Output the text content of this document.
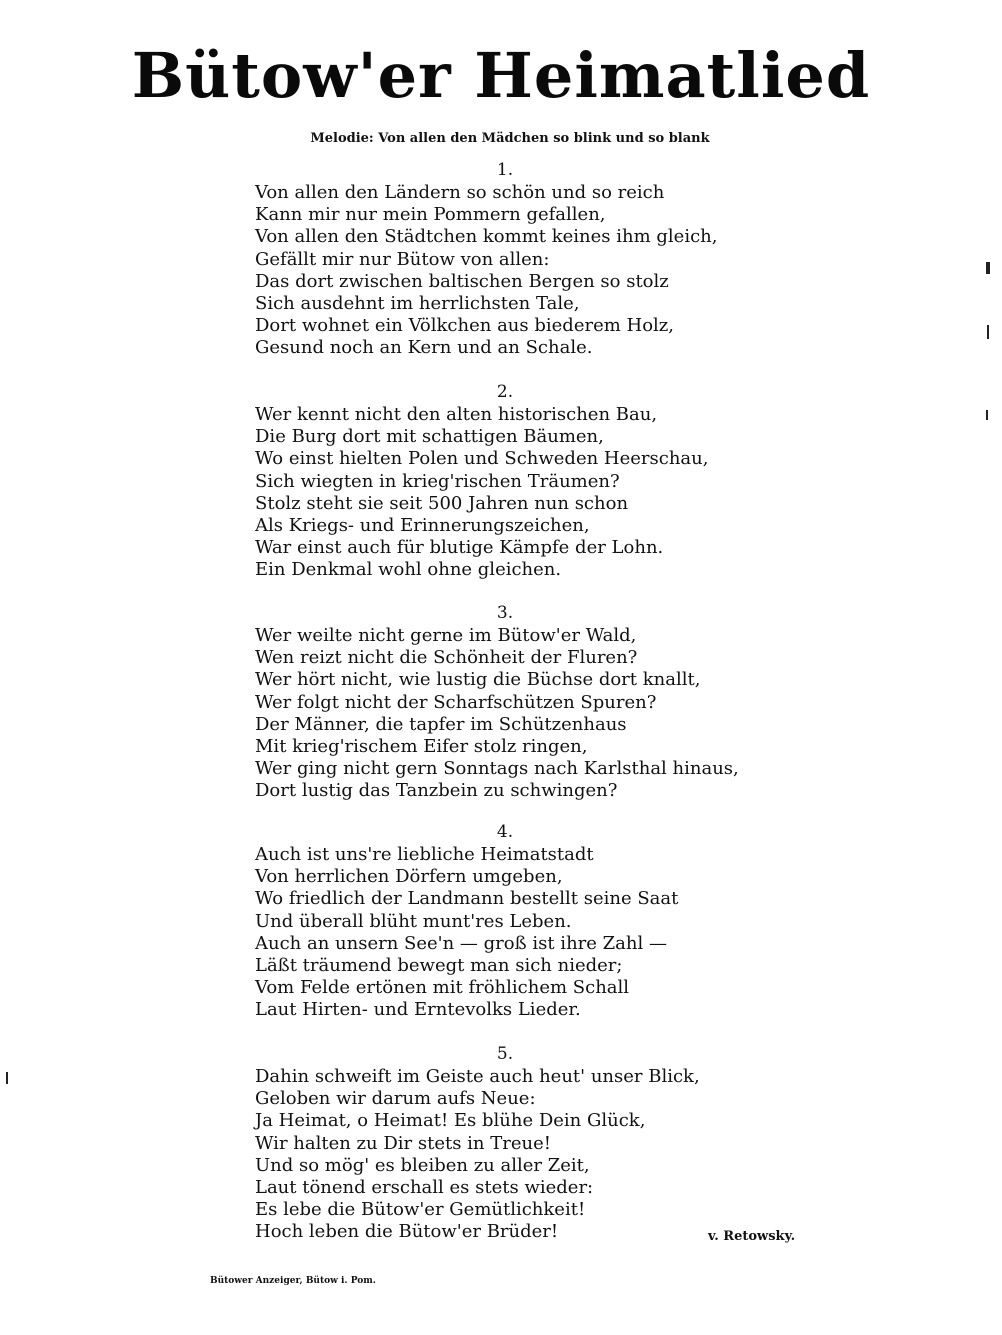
Bütow'er Heimatlied
Melodie: Von allen den Mädchen so blink und so blank
1.
Von allen den Ländern so schön und so reich
Kann mir nur mein Pommern gefallen,
Von allen den Städtchen kommt keines ihm gleich,
Gefällt mir nur Bütow von allen:
Das dort zwischen baltischen Bergen so stolz
Sich ausdehnt im herrlichsten Tale,
Dort wohnet ein Völkchen aus biederem Holz,
Gesund noch an Kern und an Schale.
2.
Wer kennt nicht den alten historischen Bau,
Die Burg dort mit schattigen Bäumen,
Wo einst hielten Polen und Schweden Heerschau,
Sich wiegten in krieg'rischen Träumen?
Stolz steht sie seit 500 Jahren nun schon
Als Kriegs- und Erinnerungszeichen,
War einst auch für blutige Kämpfe der Lohn.
Ein Denkmal wohl ohne gleichen.
3.
Wer weilte nicht gerne im Bütow'er Wald,
Wen reizt nicht die Schönheit der Fluren?
Wer hört nicht, wie lustig die Büchse dort knallt,
Wer folgt nicht der Scharfschützen Spuren?
Der Männer, die tapfer im Schützenhaus
Mit krieg'rischem Eifer stolz ringen,
Wer ging nicht gern Sonntags nach Karlsthal hinaus,
Dort lustig das Tanzbein zu schwingen?
4.
Auch ist uns're liebliche Heimatstadt
Von herrlichen Dörfern umgeben,
Wo friedlich der Landmann bestellt seine Saat
Und überall blüht munt'res Leben.
Auch an unsern See'n — groß ist ihre Zahl —
Läßt träumend bewegt man sich nieder;
Vom Felde ertönen mit fröhlichem Schall
Laut Hirten- und Erntevolks Lieder.
5.
Dahin schweift im Geiste auch heut' unser Blick,
Geloben wir darum aufs Neue:
Ja Heimat, o Heimat! Es blühe Dein Glück,
Wir halten zu Dir stets in Treue!
Und so mög' es bleiben zu aller Zeit,
Laut tönend erschall es stets wieder:
Es lebe die Bütow'er Gemütlichkeit!
Hoch leben die Bütow'er Brüder!	v. Retowsky.
Bütower Anzeiger, Bütow i. Pom.
